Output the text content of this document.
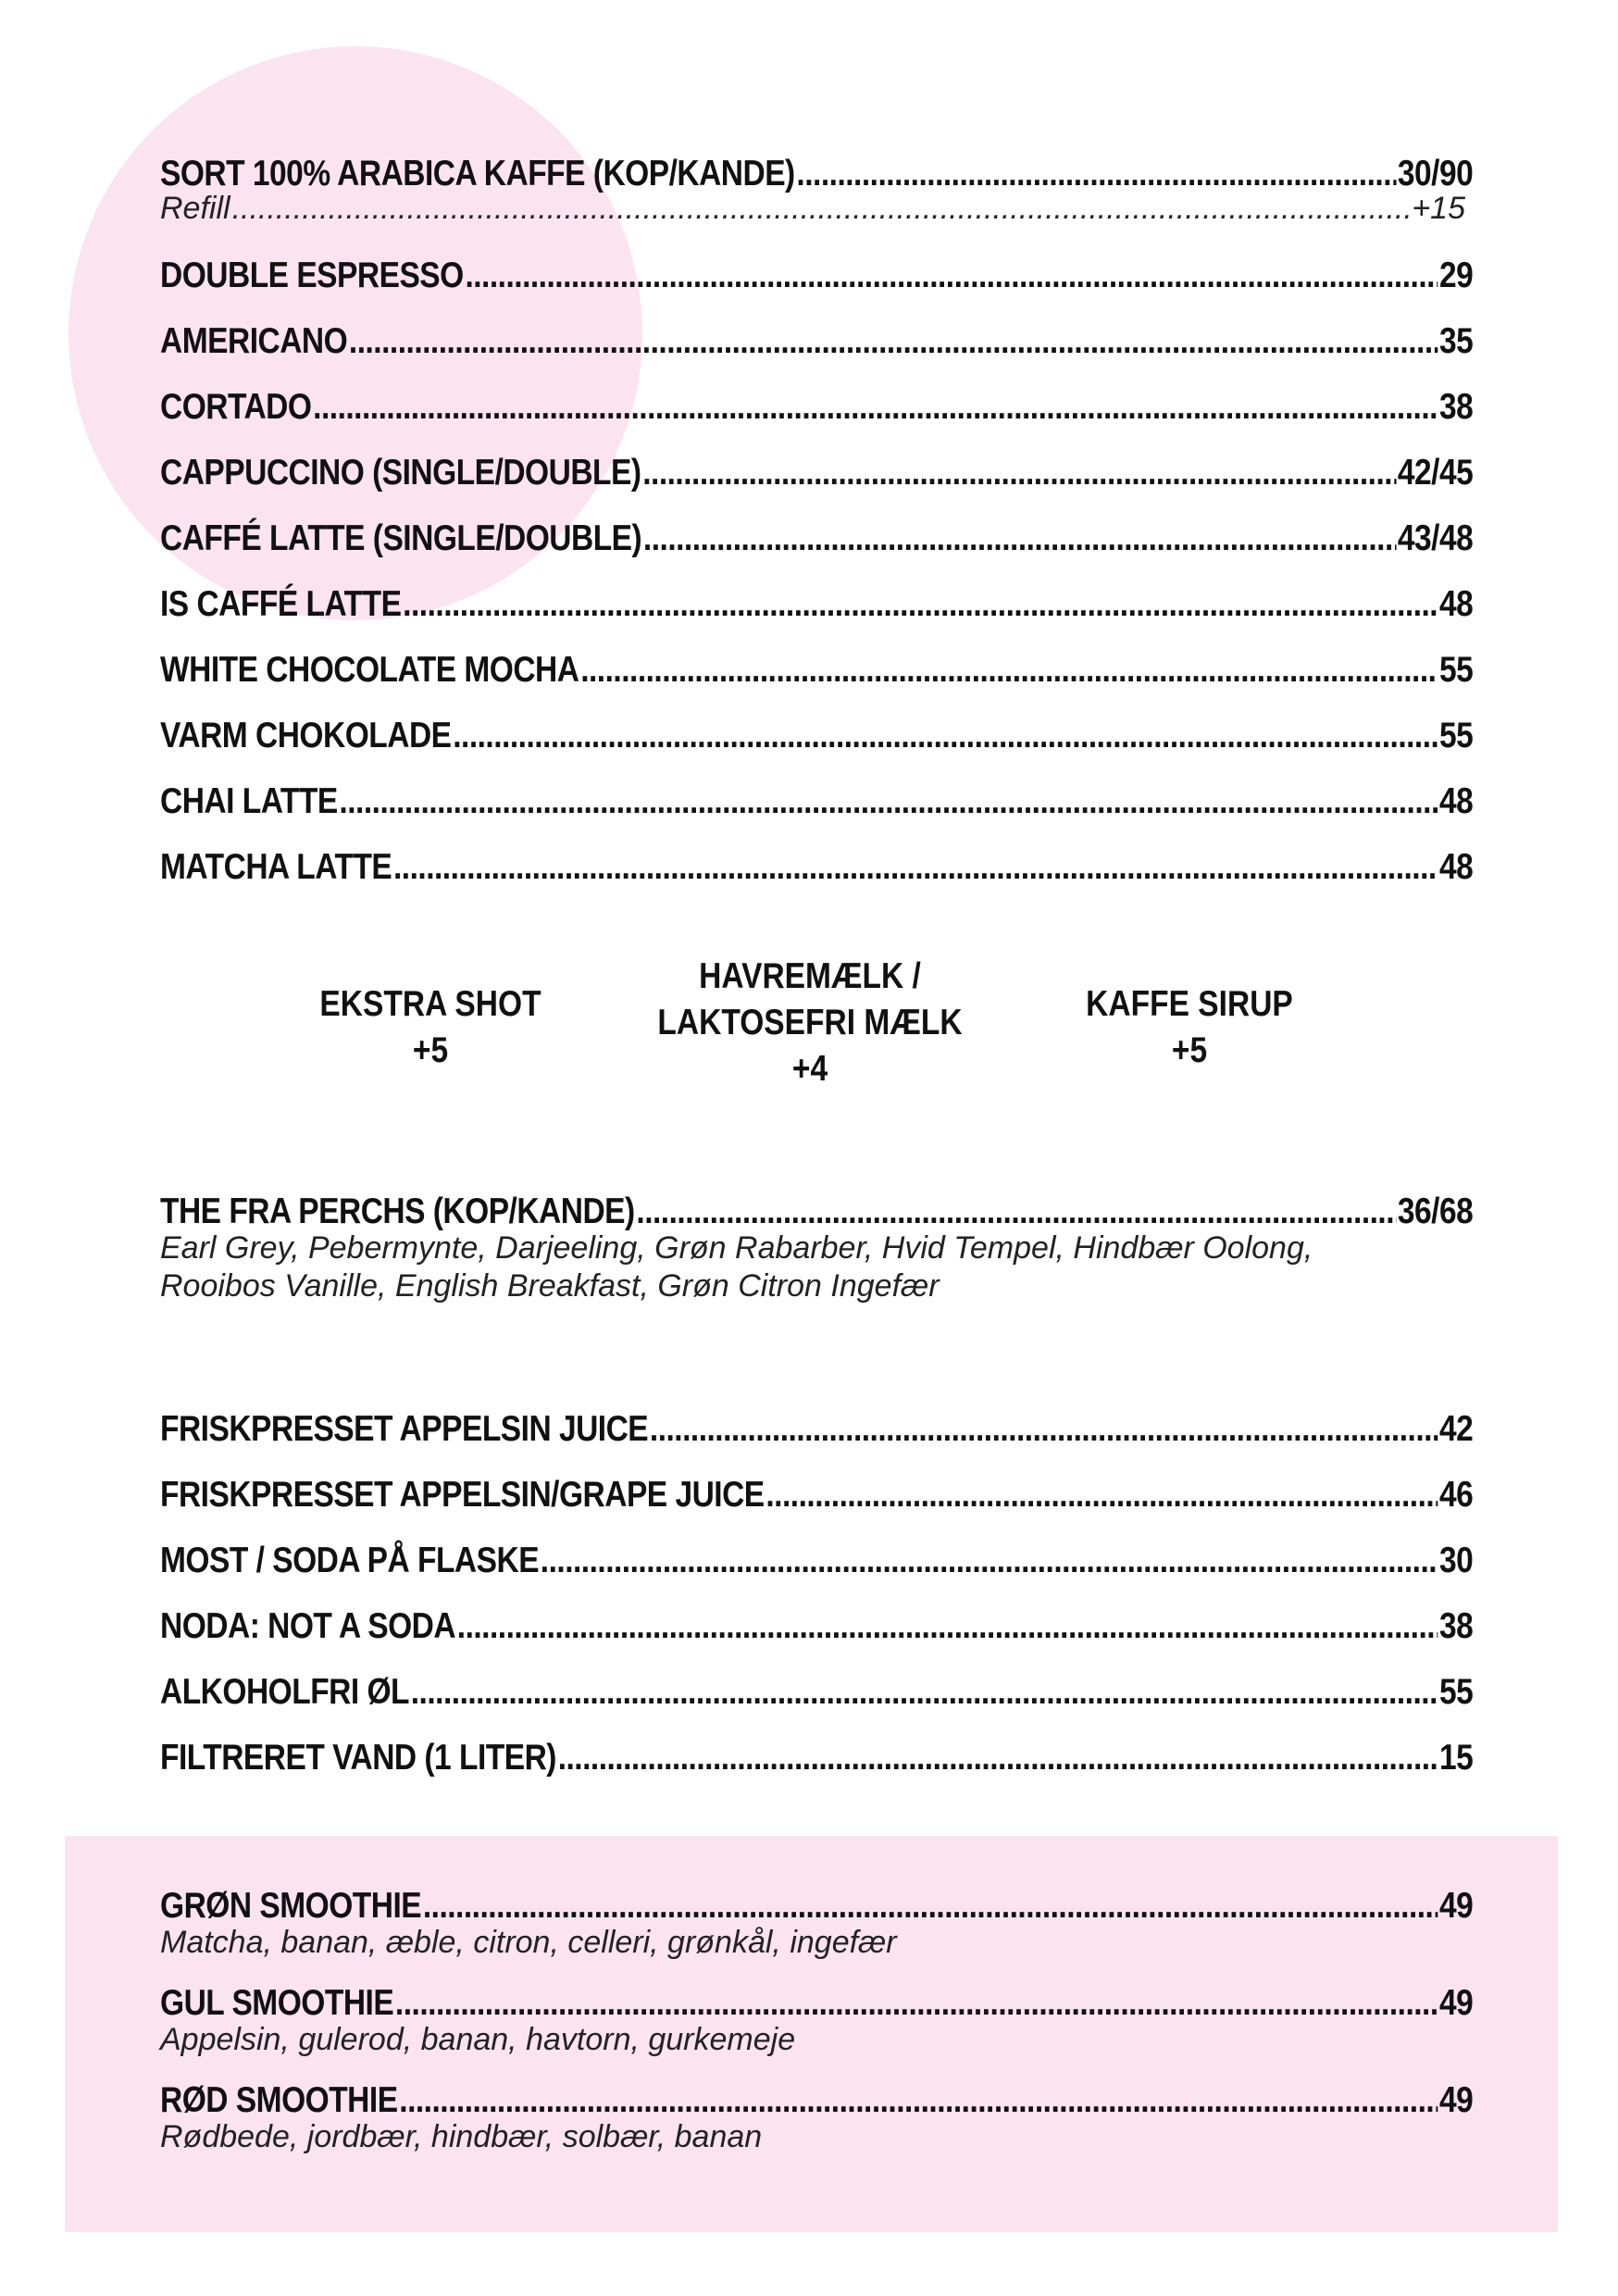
SORT 100% ARABICA KAFFE (KOP/KANDE) .....	30/90
Refill .....	+15
DOUBLE ESPRESSO .....	29
AMERICANO .....	35
CORTADO .....	38
CAPPUCCINO (SINGLE/DOUBLE) .....	42/45
CAFFÉ LATTE (SINGLE/DOUBLE) .....	43/48
IS CAFFÉ LATTE .....	48
WHITE CHOCOLATE MOCHA .....	55
VARM CHOKOLADE .....	55
CHAI LATTE .....	48
MATCHA LATTE .....	48
EKSTRA SHOT
+5
HAVREMÆLK /
LAKTOSEFRI MÆLK
+4
KAFFE SIRUP
+5
THE FRA PERCHS (KOP/KANDE) .....	36/68
Earl Grey, Pebermynte, Darjeeling, Grøn Rabarber, Hvid Tempel, Hindbær Oolong,
Rooibos Vanille, English Breakfast, Grøn Citron Ingefær
FRISKPRESSET APPELSIN JUICE .....	42
FRISKPRESSET APPELSIN/GRAPE JUICE .....	46
MOST / SODA PÅ FLASKE .....	30
NODA: NOT A SODA .....	38
ALKOHOLFRI ØL .....	55
FILTRERET VAND (1 LITER) .....	15
GRØN SMOOTHIE .....	49
Matcha, banan, æble, citron, celleri, grønkål, ingefær
GUL SMOOTHIE .....	49
Appelsin, gulerod, banan, havtorn, gurkemeje
RØD SMOOTHIE .....	49
Rødbede, jordbær, hindbær, solbær, banan
